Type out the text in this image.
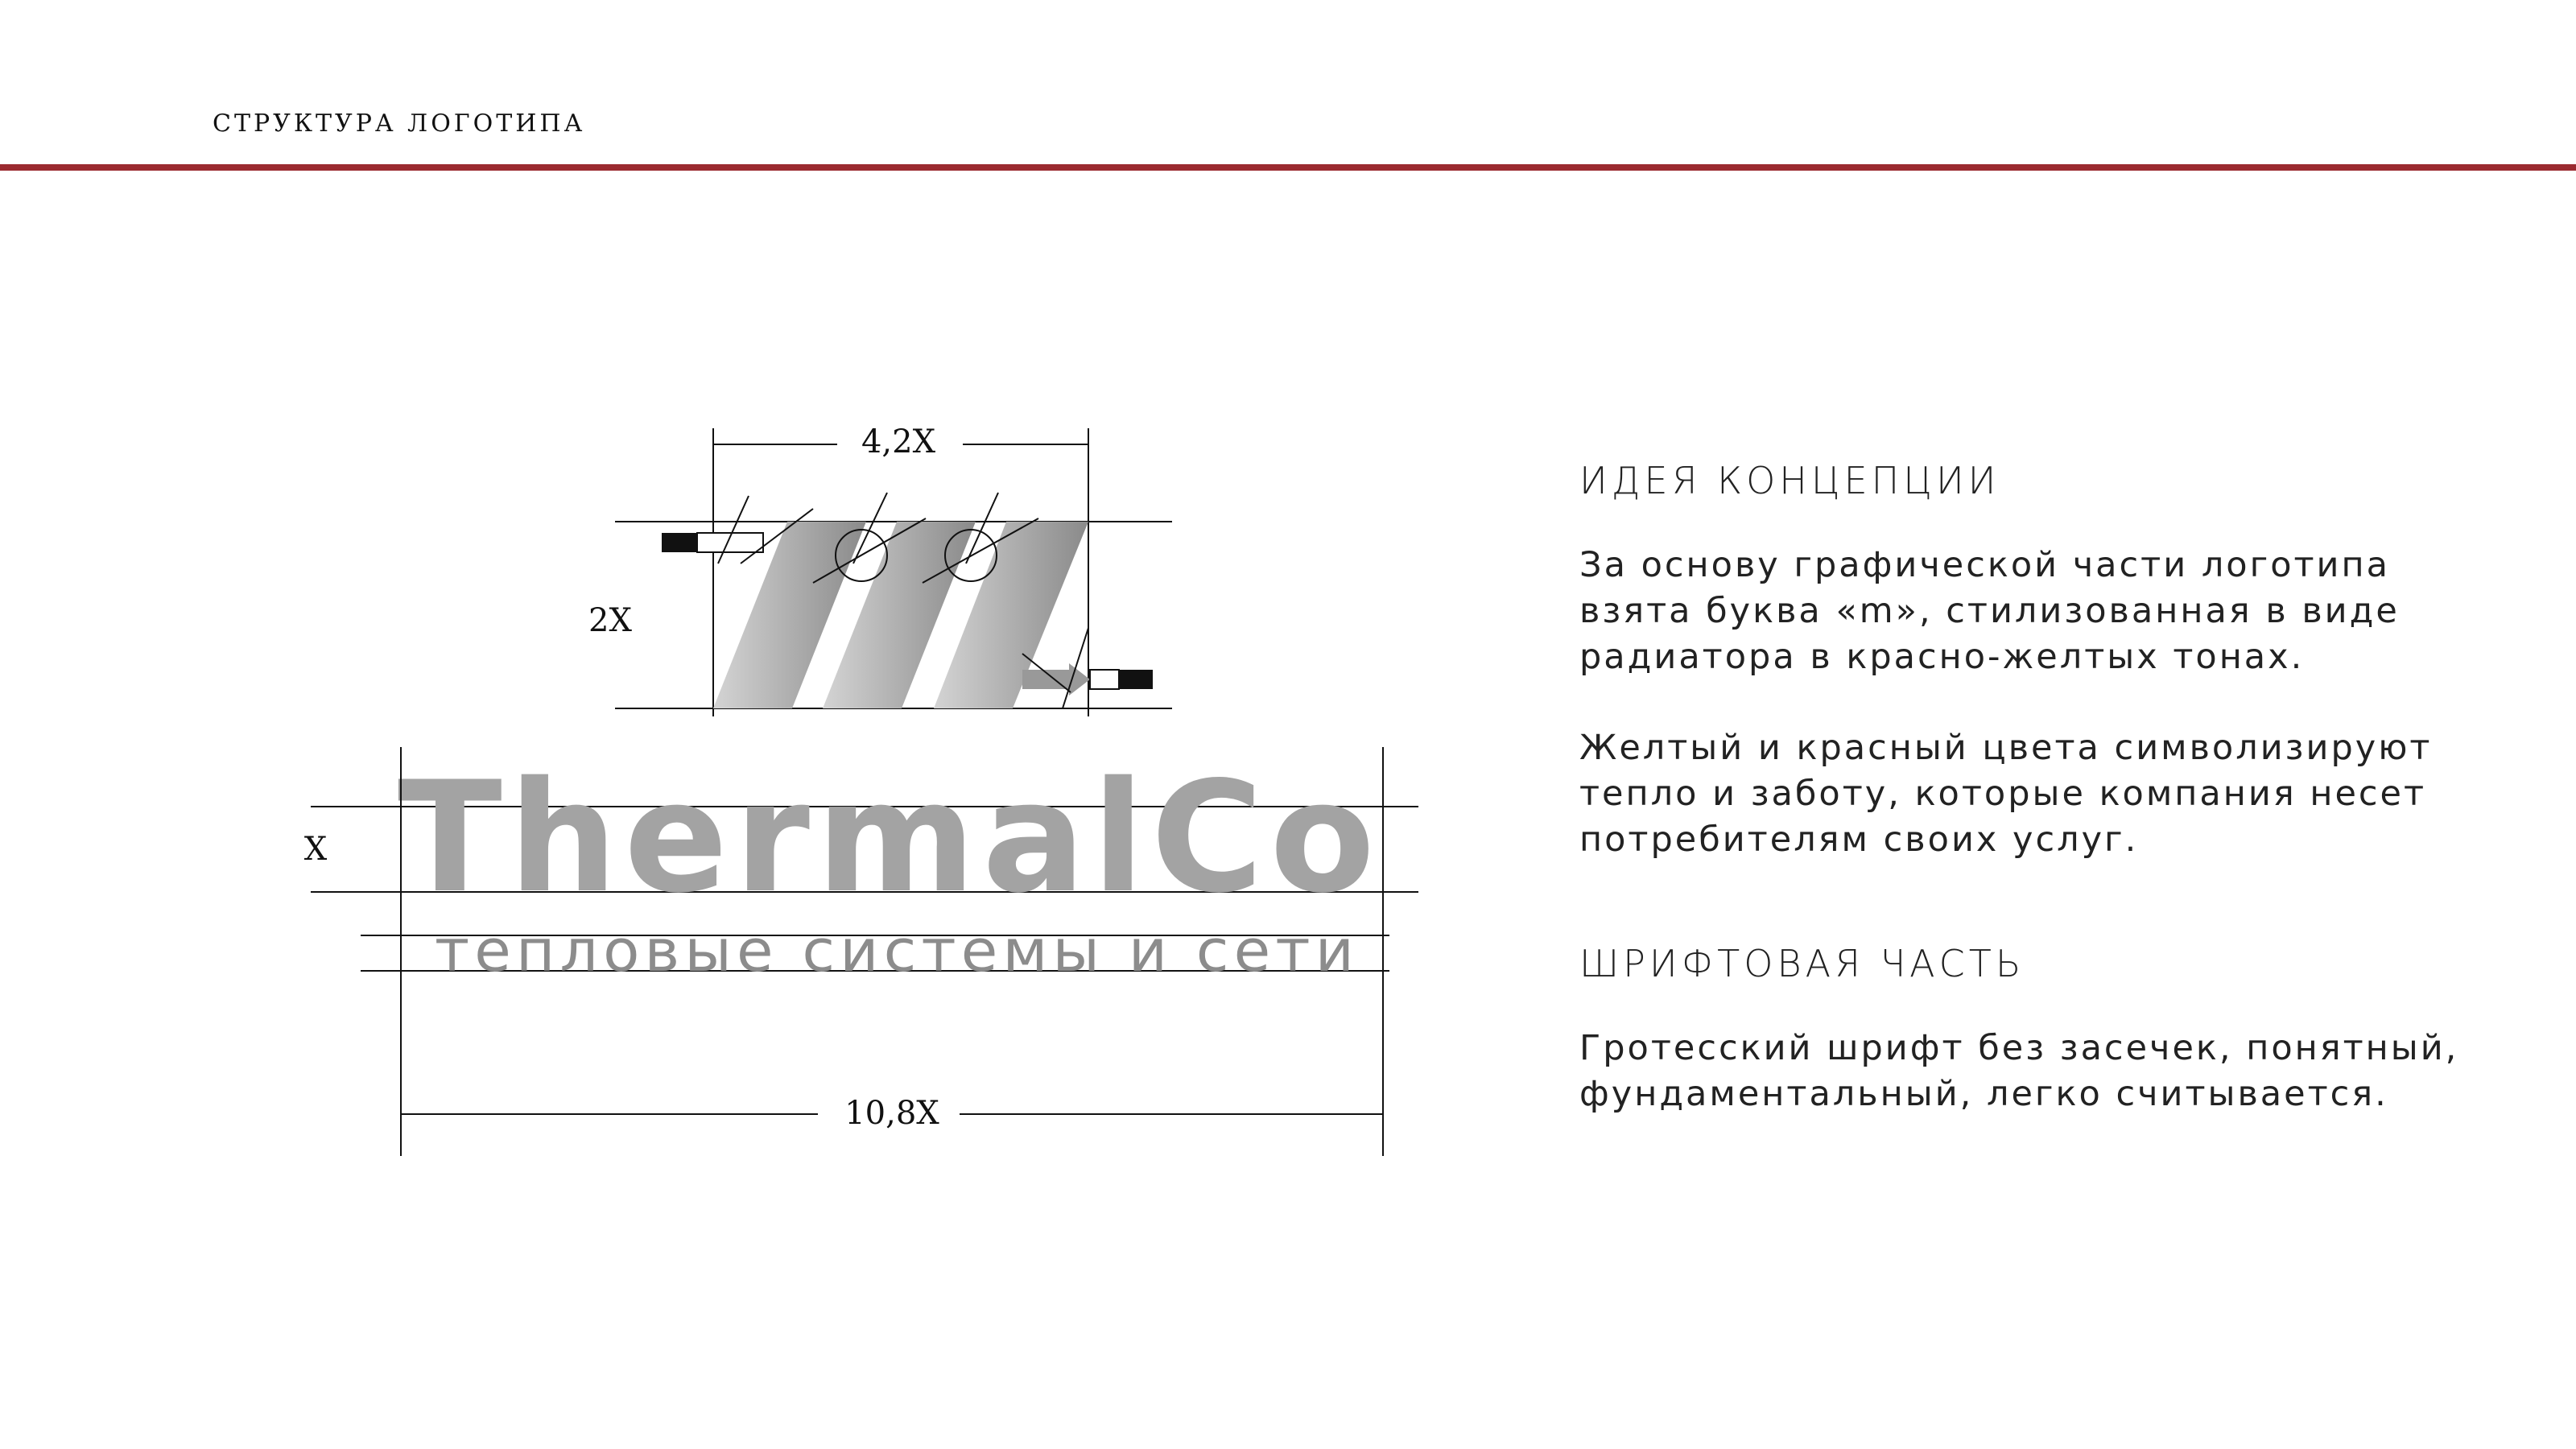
СТРУКТУРА ЛОГОТИПА
4,2X
2X
X ThermalCo
тепловые системы и сети
10,8X

ИДЕЯ КОНЦЕПЦИИ

За основу графической части логотипа
взята буква «m», стилизованная в виде
радиатора в красно-желтых тонах.

Желтый и красный цвета символизируют
тепло и заботу, которые компания несет
потребителям своих услуг.

ШРИФТОВАЯ ЧАСТЬ

Гротесский шрифт без засечек, понятный,
фундаментальный, легко считывается.
